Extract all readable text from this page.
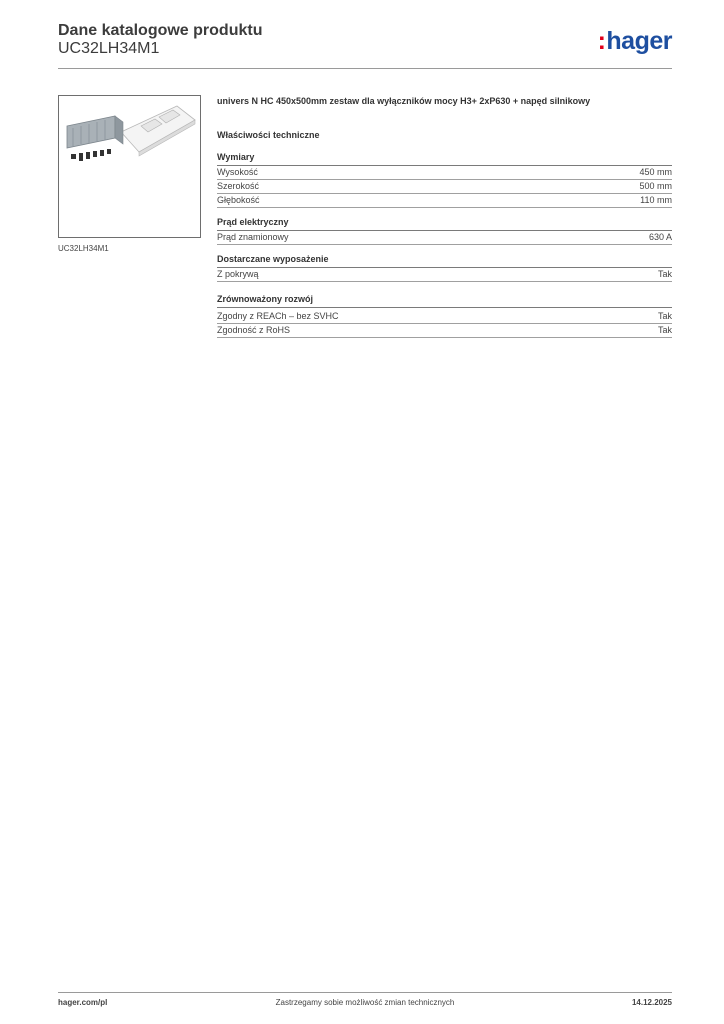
Dane katalogowe produktu
UC32LH34M1	:hager
UC32LH34M1
univers N HC 450x500mm zestaw dla wyłączników mocy H3+ 2xP630 + napęd silnikowy
Właściwości techniczne
Wymiary
Wysokość	450 mm
Szerokość	500 mm
Głębokość	110 mm
Prąd elektryczny
Prąd znamionowy	630 A
Dostarczane wyposażenie
Z pokrywą	Tak
Zrównoważony rozwój
Zgodny z REACh – bez SVHC	Tak
Zgodność z RoHS	Tak
hager.com/pl	Zastrzegamy sobie możliwość zmian technicznych	14.12.2025
